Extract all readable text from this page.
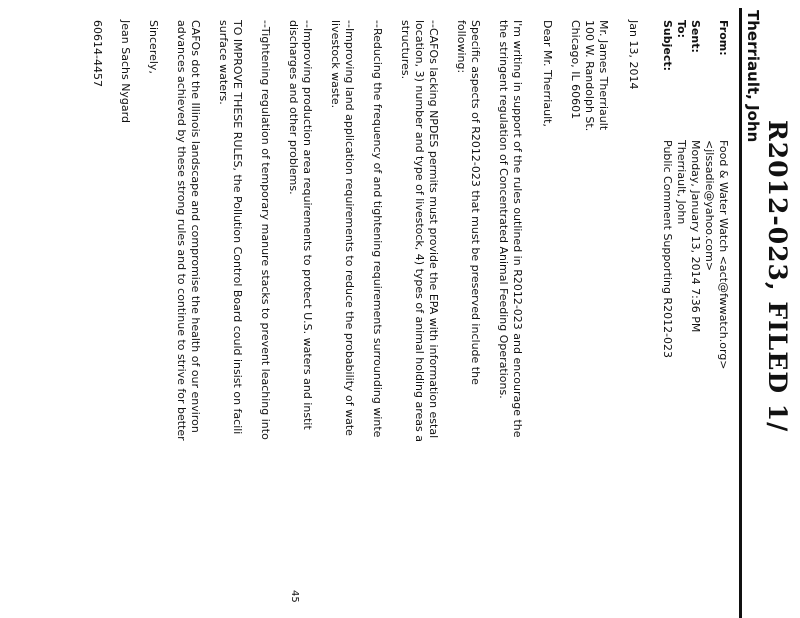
R2012-023, FILED 1/
Therriault, John
From:
Food & Water Watch <act@fwwatch.org>
<jlssadie@yahoo.com>
Sent:
Monday, January 13, 2014 7:36 PM
To:
Therriault, John
Subject:
Public Comment Supporting R2012-023
Jan 13, 2014
Mr. James Therriault
100 W. Randolph St.
Chicago, IL 60601
Dear Mr. Therriault,
I'm writing in support of the rules outlined in R2012-023 and encourage the
the stringent regulation of Concentrated Animal Feeding Operations.
Specific aspects of R2012-023 that must be preserved include the
following:
--CAFOs lacking NPDES permits must provide the EPA with information estal
location, 3) number and type of livestock, 4) types of animal holding areas a
structures.
--Reducing the frequency of and tightening requirements surrounding winte
--Improving land application requirements to reduce the probability of wate
livestock waste.
--Improving production area requirements to protect U.S. waters and instit
discharges and other problems.
--Tightening regulation of temporary manure stacks to prevent leaching into
TO IMPROVE THESE RULES, the Pollution Control Board could insist on facili
surface waters.
CAFOs dot the Illinois landscape and compromise the health of our environ
advances achieved by these strong rules and to continue to strive for better
Sincerely,
Jean Sachs Nygard
60614-4457
45
